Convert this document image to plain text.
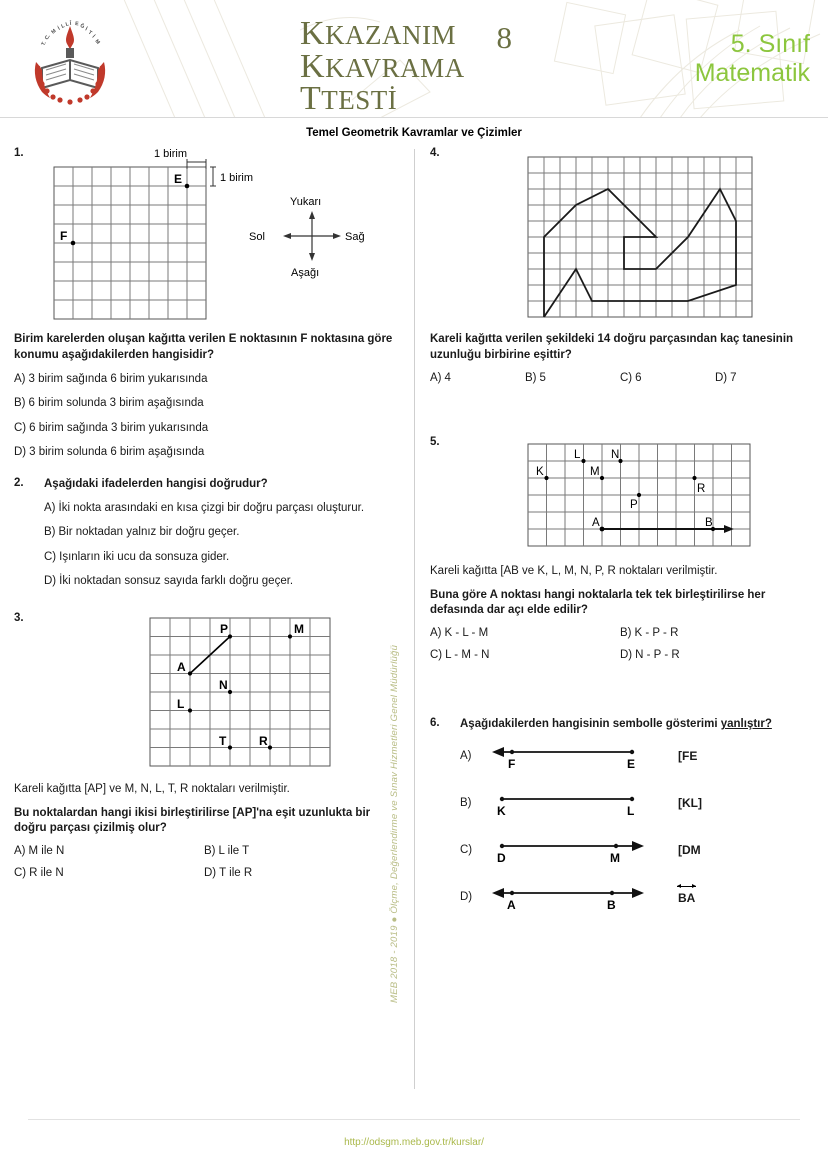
T.
C.
M İ L L Î E Ğ İ
T
İ
M	KKAZANIM
KKAVRAMA
TTESTİ
8	5. Sınıf
Matematik
Temel Geometrik Kavramlar ve Çizimler
MEB 2018 - 2019 ● Ölçme, Değerlendirme ve Sınav Hizmetleri Genel Müdürlüğü
1.
E
F
1 birim
1 birim
Yukarı
Aşağı
Sol	Sağ

Birim karelerden oluşan kağıtta verilen E noktasının F noktasına göre konumu aşağıdakilerden hangisidir?

A) 3 birim sağında 6 birim yukarısında
B) 6 birim solunda 3 birim aşağısında
C) 6 birim sağında 3 birim yukarısında
D) 3 birim solunda 6 birim aşağısında
2. Aşağıdaki ifadelerden hangisi doğrudur?

A) İki nokta arasındaki en kısa çizgi bir doğru parçası oluşturur.
B) Bir noktadan yalnız bir doğru geçer.
C) Işınların iki ucu da sonsuza gider.
D) İki noktadan sonsuz sayıda farklı doğru geçer.
3.
P	M
A
N
L
T	R

Kareli kağıtta [AP] ve M, N, L, T, R noktaları verilmiştir.

Bu noktalardan hangi ikisi birleştirilirse [AP]'na eşit uzunlukta bir doğru parçası çizilmiş olur?

A) M ile N	B) L ile T
C) R ile N	D) T ile R
4.

Kareli kağıtta verilen şekildeki 14 doğru parçasından kaç tanesinin uzunluğu birbirine eşittir?

A) 4	B) 5	C) 6	D) 7
5.
L	N
K	M
R
P
A	B

Kareli kağıtta [AB ve K, L, M, N, P, R noktaları verilmiştir.

Buna göre A noktası hangi noktalarla tek tek birleştirilirse her defasında dar açı elde edilir?

A) K - L - M	B) K - P - R
C) L - M - N	D) N - P - R
6. Aşağıdakilerden hangisinin sembolle gösterimi yanlıştır?

A)
F	E
[FE
B)
K	L
[KL]
C)
D	M
[DM
D)
A	B	BA
http://odsgm.meb.gov.tr/kurslar/
